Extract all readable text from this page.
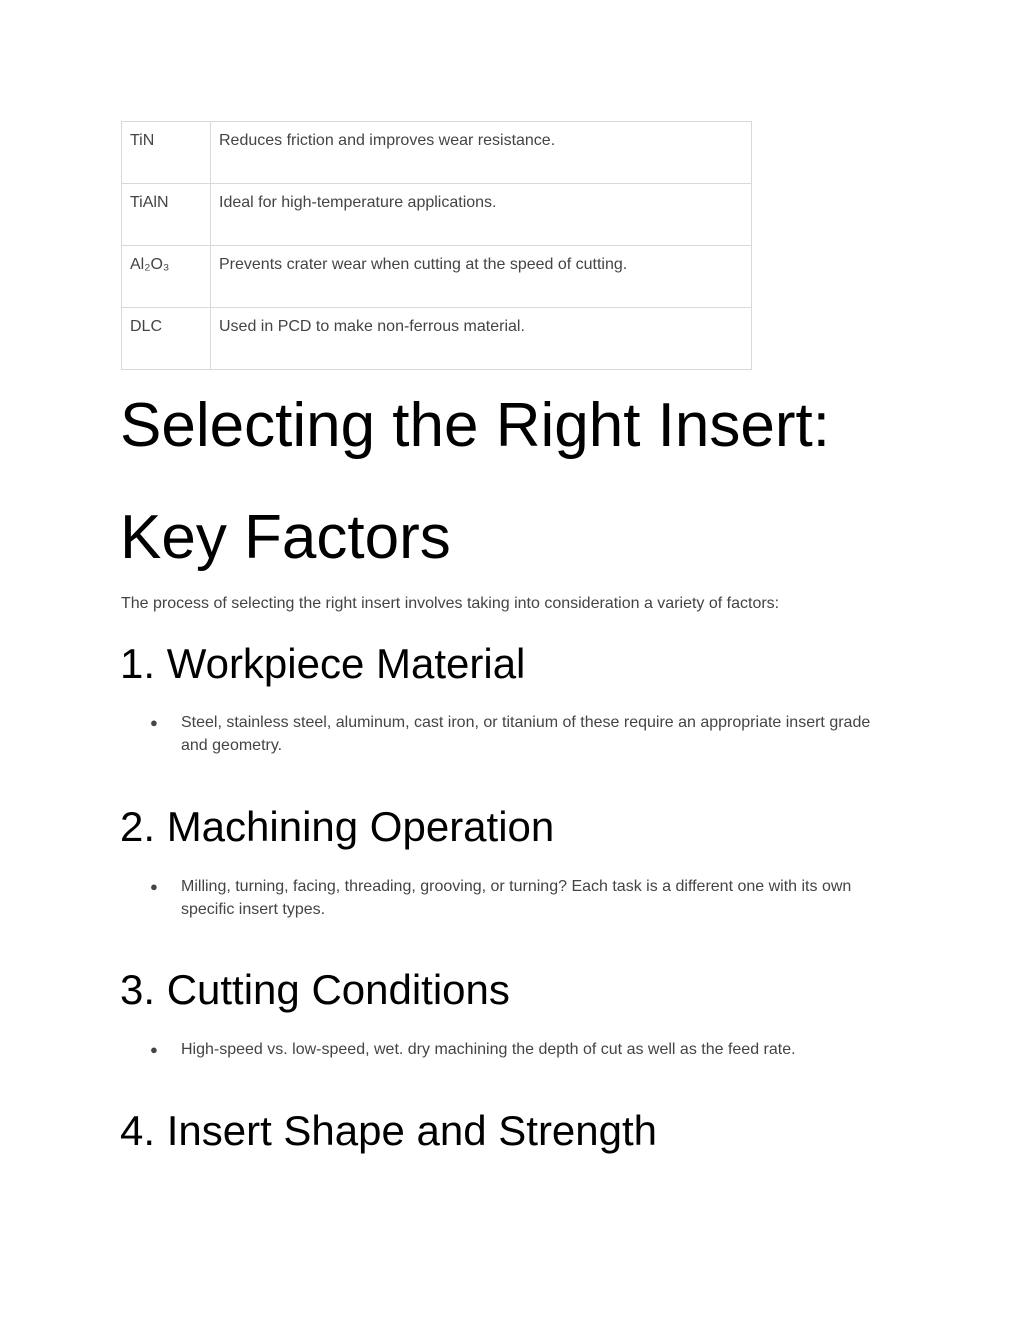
TiN	Reduces friction and improves wear resistance.
TiAlN	Ideal for high-temperature applications.
Al₂O₃	Prevents crater wear when cutting at the speed of cutting.
DLC	Used in PCD to make non-ferrous material.
Selecting the Right Insert:
Key Factors

The process of selecting the right insert involves taking into consideration a variety of factors:

1. Workpiece Material
●	Steel, stainless steel, aluminum, cast iron, or titanium of these require an appropriate insert grade and geometry.
2. Machining Operation
●	Milling, turning, facing, threading, grooving, or turning? Each task is a different one with its own specific insert types.
3. Cutting Conditions
●	High-speed vs. low-speed, wet. dry machining the depth of cut as well as the feed rate.
4. Insert Shape and Strength
